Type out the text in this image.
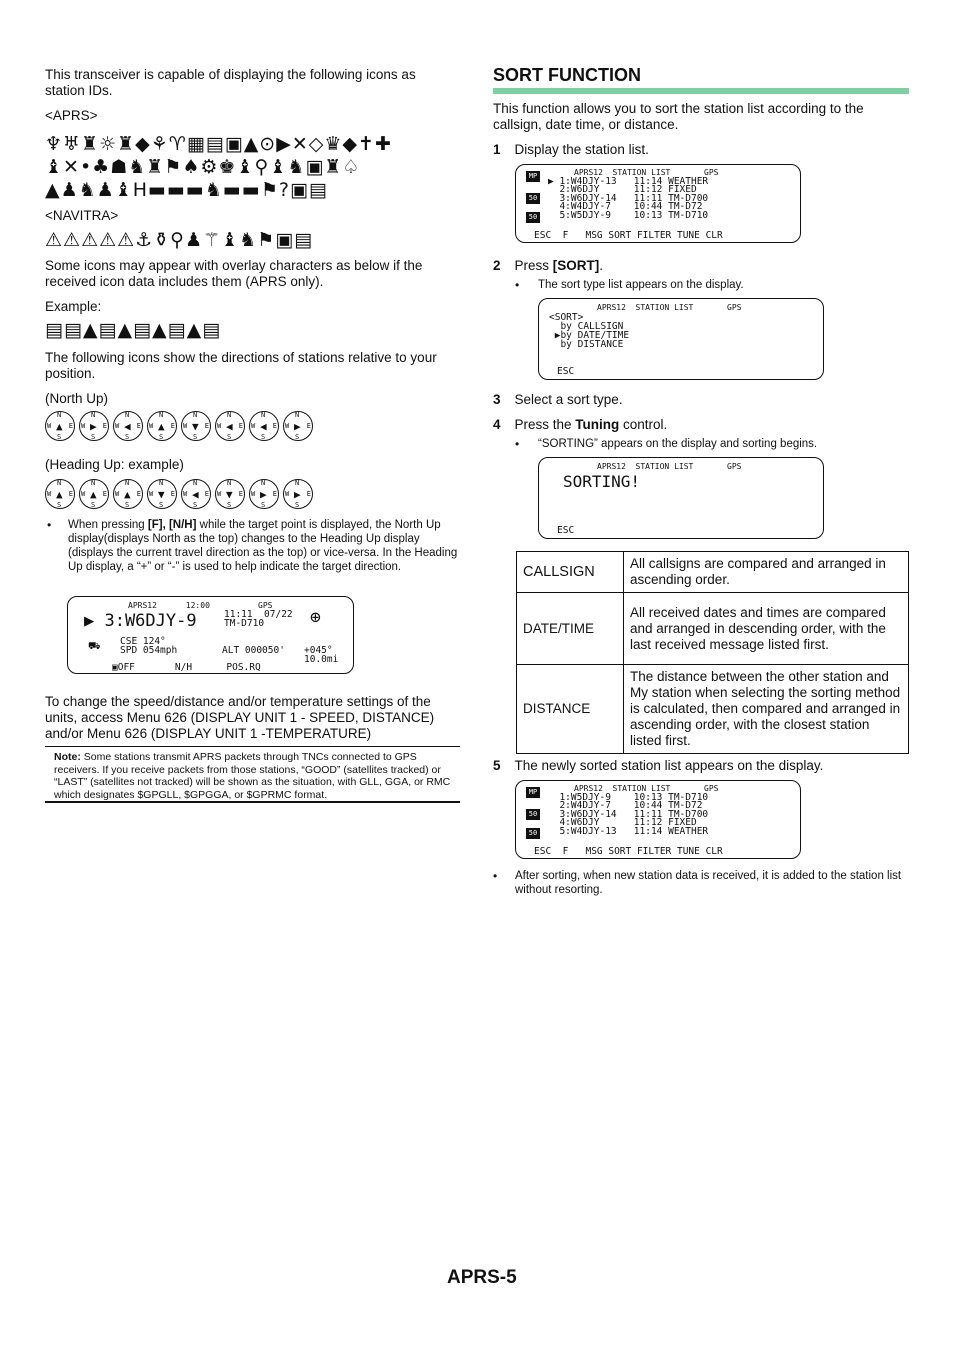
This transceiver is capable of displaying the following icons as station IDs.

<APRS>

♆♅♜☼♜◆⚘♈▦▤▣▲⊙▶✕◇♛◆✝✚
♝✕•♣☗♞♜⚑♠⚙♚♝⚲♝♞▣♜♤
▲♟♞♟♝H▬▬▬♞▬▬⚑?▣▤

<NAVITRA>

⚠⚠⚠⚠⚠⚓⚱⚲♟⚚♝♞⚑▣▤

Some icons may appear with overlay characters as below if the received icon data includes them (APRS only).

Example:

▤▤▲▤▲▤▲▤▲▤

The following icons show the directions of stations relative to your position.

(North Up)

N
S
W	E
▲
N
S
W	E
▶
N
S
W	E
◀
N
S
W	E
▲
N
S
W	E
▼
N
S
W	E
◀
N
S
W	E
◀
N
S
W	E
▶

(Heading Up: example)

N
S
W	E
▲
N
S
W	E
▲
N
S
W	E
▲
N
S
W	E
▼
N
S
W	E
◀
N
S
W	E
▼
N
S
W	E
▶
N
S
W	E
▶
• When pressing [F], [N/H] while the target point is displayed, the North Up display(displays North as the top) changes to the Heading Up display (displays the current travel direction as the top) or vice-versa. In the Heading Up display, a “+” or “-” is used to help indicate the target direction.

APRS12      12:00          GPS
▶ 3:W6DJY-9	11:11  07/22
TM-D710	⊕
⛟ CSE 124°
SPD 054mph	ALT 000050' +045°
10.0mi
▣OFF       N/H      POS.RQ

To change the speed/distance and/or temperature settings of the units, access Menu 626 (DISPLAY UNIT 1 - SPEED, DISTANCE) and/or Menu 626 (DISPLAY UNIT 1 -TEMPERATURE)

Note: Some stations transmit APRS packets through TNCs connected to GPS receivers. If you receive packets from those stations, “GOOD” (satellites tracked) or “LAST” (satellites not tracked) will be shown as the situation, with GLL, GGA, or RMC which designates $GPGLL, $GPGGA, or $GPRMC format.

SORT FUNCTION

This function allows you to sort the station list according to the callsign, date time, or distance.

1 Display the station list.

MP
50
50
APRS12  STATION LIST       GPS
▶ 1:W4DJY-13   11:14 WEATHER
2:W6DJY      11:12 FIXED
3:W6DJY-14   11:11 TM-D700
4:W4DJY-7    10:44 TM-D72
5:W5DJY-9    10:13 TM-D710
ESC  F   MSG SORT FILTER TUNE CLR

2 Press [SORT].

• The sort type list appears on the display.

APRS12  STATION LIST       GPS
<SORT>
by CALLSIGN
▶by DATE/TIME
by DISTANCE
ESC

3 Select a sort type.

4 Press the Tuning control.

• “SORTING” appears on the display and sorting begins.

APRS12  STATION LIST       GPS
SORTING!
ESC
CALLSIGN	All callsigns are compared and arranged in ascending order.
DATE/TIME	All received dates and times are compared and arranged in descending order, with the last received message listed first.
DISTANCE	The distance between the other station and My station when selecting the sorting method is calculated, then compared and arranged in ascending order, with the closest station listed first.

5 The newly sorted station list appears on the display.

MP
50
50
APRS12  STATION LIST       GPS
1:W5DJY-9    10:13 TM-D710
2:W4DJY-7    10:44 TM-D72
3:W6DJY-14   11:11 TM-D700
4:W6DJY      11:12 FIXED
5:W4DJY-13   11:14 WEATHER
ESC  F   MSG SORT FILTER TUNE CLR
• After sorting, when new station data is received, it is added to the station list without resorting.

APRS-5
